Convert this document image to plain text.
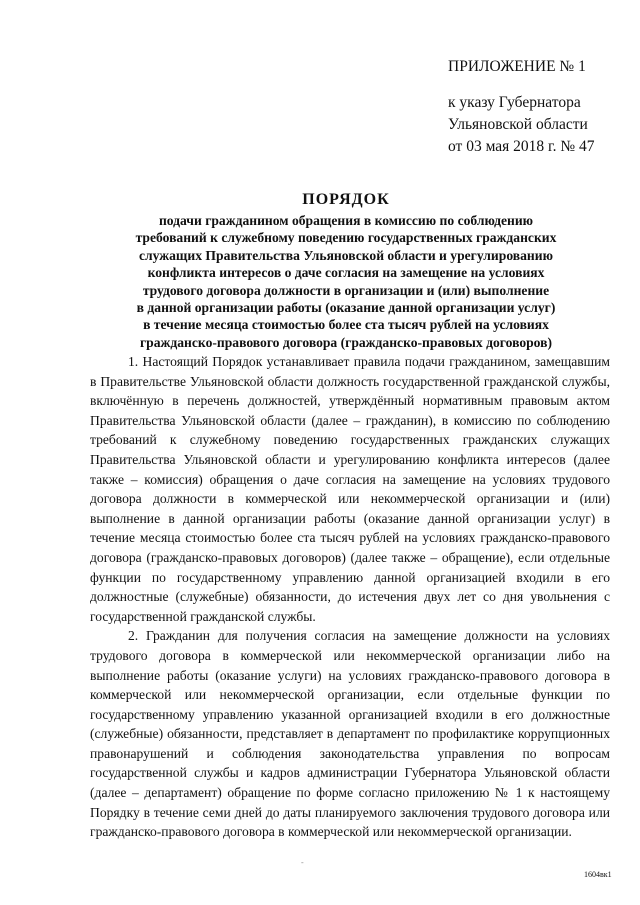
ПРИЛОЖЕНИЕ № 1
к указу Губернатора
Ульяновской области
от 03 мая 2018 г. № 47
ПОРЯДОК
подачи гражданином обращения в комиссию по соблюдению
требований к служебному поведению государственных гражданских
служащих Правительства Ульяновской области и урегулированию
конфликта интересов о даче согласия на замещение на условиях
трудового договора должности в организации и (или) выполнение
в данной организации работы (оказание данной организации услуг)
в течение месяца стоимостью более ста тысяч рублей на условиях
гражданско-правового договора (гражданско-правовых договоров)

1. Настоящий Порядок устанавливает правила подачи гражданином, замещавшим в Правительстве Ульяновской области должность государственной гражданской службы, включённую в перечень должностей, утверждённый нормативным правовым актом Правительства Ульяновской области (далее – гражданин), в комиссию по соблюдению требований к служебному поведению государственных гражданских служащих Правительства Ульяновской области и урегулированию конфликта интересов (далее также – комиссия) обращения о даче согласия на замещение на условиях трудового договора должности в коммерческой или некоммерческой организации и (или) выполнение в данной организации работы (оказание данной организации услуг) в течение месяца стоимостью более ста тысяч рублей на условиях гражданско-правового договора (гражданско-правовых договоров) (далее также – обращение), если отдельные функции по государственному управлению данной организацией входили в его должностные (служебные) обязанности, до истечения двух лет со дня увольнения с государственной гражданской службы.

2. Гражданин для получения согласия на замещение должности на условиях трудового договора в коммерческой или некоммерческой организации либо на выполнение работы (оказание услуги) на условиях гражданско-правового договора в коммерческой или некоммерческой организации, если отдельные функции по государственному управлению указанной организацией входили в его должностные (служебные) обязанности, представляет в департамент по профилактике коррупционных правонарушений и соблюдения законодательства управления по вопросам государственной службы и кадров администрации Губернатора Ульяновской области (далее – департамент) обращение по форме согласно приложению № 1 к настоящему Порядку в течение семи дней до даты планируемого заключения трудового договора или гражданско-правового договора в коммерческой или некоммерческой организации.

-
1604вк1
